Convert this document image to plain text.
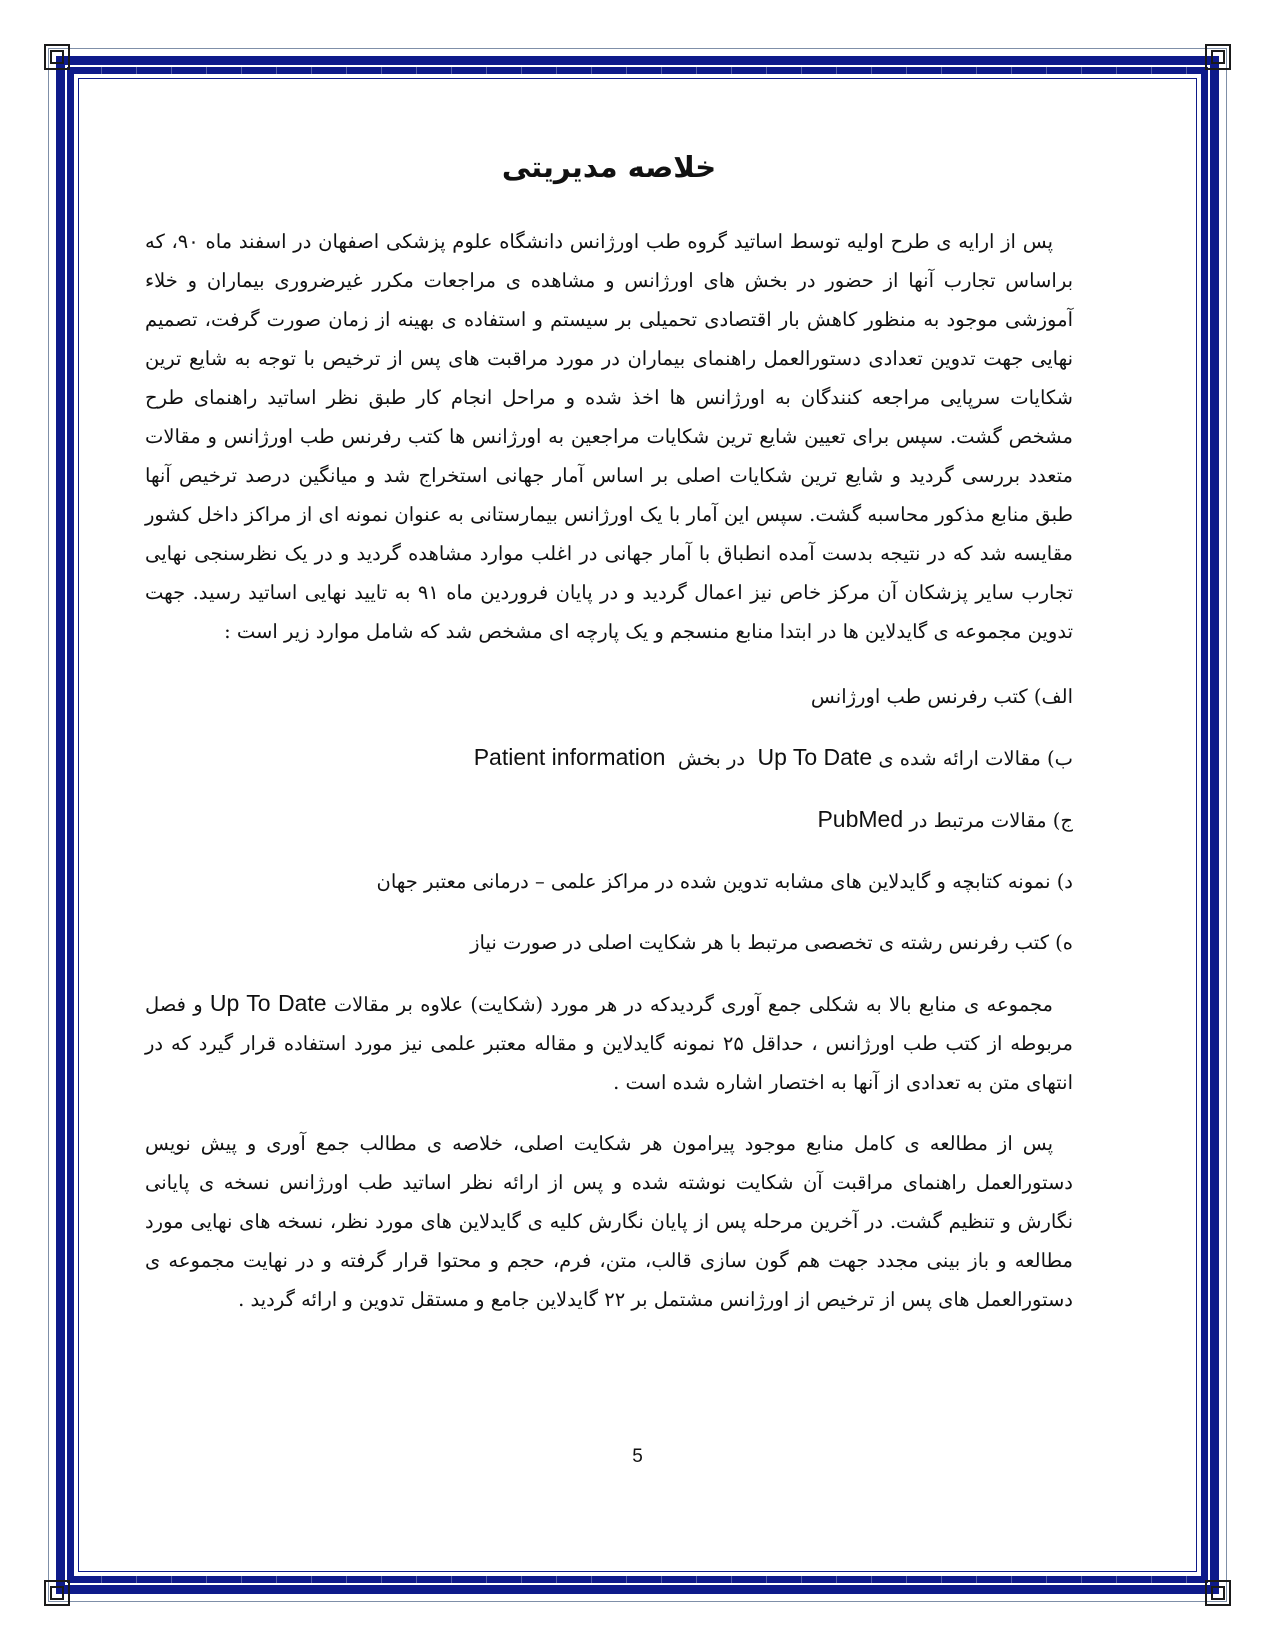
خلاصه مدیریتی

پس از ارایه ی طرح اولیه توسط اساتید گروه طب اورژانس دانشگاه علوم پزشکی اصفهان در اسفند ماه ۹۰، که براساس تجارب آنها از حضور در بخش های اورژانس و مشاهده ی مراجعات مکرر غیرضروری بیماران و خلاء آموزشی موجود به منظور کاهش بار اقتصادی تحمیلی بر سیستم و استفاده ی بهینه از زمان صورت گرفت، تصمیم نهایی جهت تدوین تعدادی دستورالعمل راهنمای بیماران در مورد مراقبت های پس از ترخیص با توجه به شایع ترین شکایات سرپایی مراجعه کنندگان به اورژانس ها اخذ شده و مراحل انجام کار طبق نظر اساتید راهنمای طرح مشخص گشت. سپس برای تعیین شایع ترین شکایات مراجعین به اورژانس ها کتب رفرنس طب اورژانس و مقالات متعدد بررسی گردید و شایع ترین شکایات اصلی بر اساس آمار جهانی استخراج شد و میانگین درصد ترخیص آنها طبق منابع مذکور محاسبه گشت. سپس این آمار با یک اورژانس بیمارستانی به عنوان نمونه ای از مراکز داخل کشور مقایسه شد که در نتیجه بدست آمده انطباق با آمار جهانی در اغلب موارد مشاهده گردید و در یک نظرسنجی نهایی تجارب سایر پزشکان آن مرکز خاص نیز اعمال گردید و در پایان فروردین ماه ۹۱ به تایید نهایی اساتید رسید. جهت تدوین مجموعه ی گایدلاین ها در ابتدا منابع منسجم و یک پارچه ای مشخص شد که شامل موارد زیر است :

الف) کتب رفرنس طب اورژانس

ب) مقالات ارائه شده ی Up To Date  در بخش  Patient information

ج) مقالات مرتبط در PubMed

د) نمونه کتابچه و گایدلاین های مشابه تدوین شده در مراکز علمی – درمانی معتبر جهان

ه) کتب رفرنس رشته ی تخصصی مرتبط با هر شکایت اصلی در صورت نیاز

مجموعه ی منابع بالا به شکلی جمع آوری گردیدکه در هر مورد (شکایت) علاوه بر مقالات Up To Date و فصل مربوطه از کتب طب اورژانس ، حداقل ۲۵ نمونه گایدلاین و مقاله معتبر علمی نیز مورد استفاده قرار گیرد که در انتهای متن به تعدادی از آنها به اختصار اشاره شده است .

پس از مطالعه ی کامل منابع موجود پیرامون هر شکایت اصلی، خلاصه ی مطالب جمع آوری و پیش نویس دستورالعمل راهنمای مراقبت آن شکایت نوشته شده و پس از ارائه نظر اساتید طب اورژانس نسخه ی پایانی نگارش و تنظیم گشت. در آخرین مرحله پس از پایان نگارش کلیه ی گایدلاین های مورد نظر، نسخه های نهایی مورد مطالعه و باز بینی مجدد جهت هم گون سازی قالب، متن، فرم، حجم و محتوا قرار گرفته و در نهایت مجموعه ی دستورالعمل های پس از ترخیص از اورژانس مشتمل بر ۲۲ گایدلاین جامع و مستقل تدوین و ارائه گردید .

5
